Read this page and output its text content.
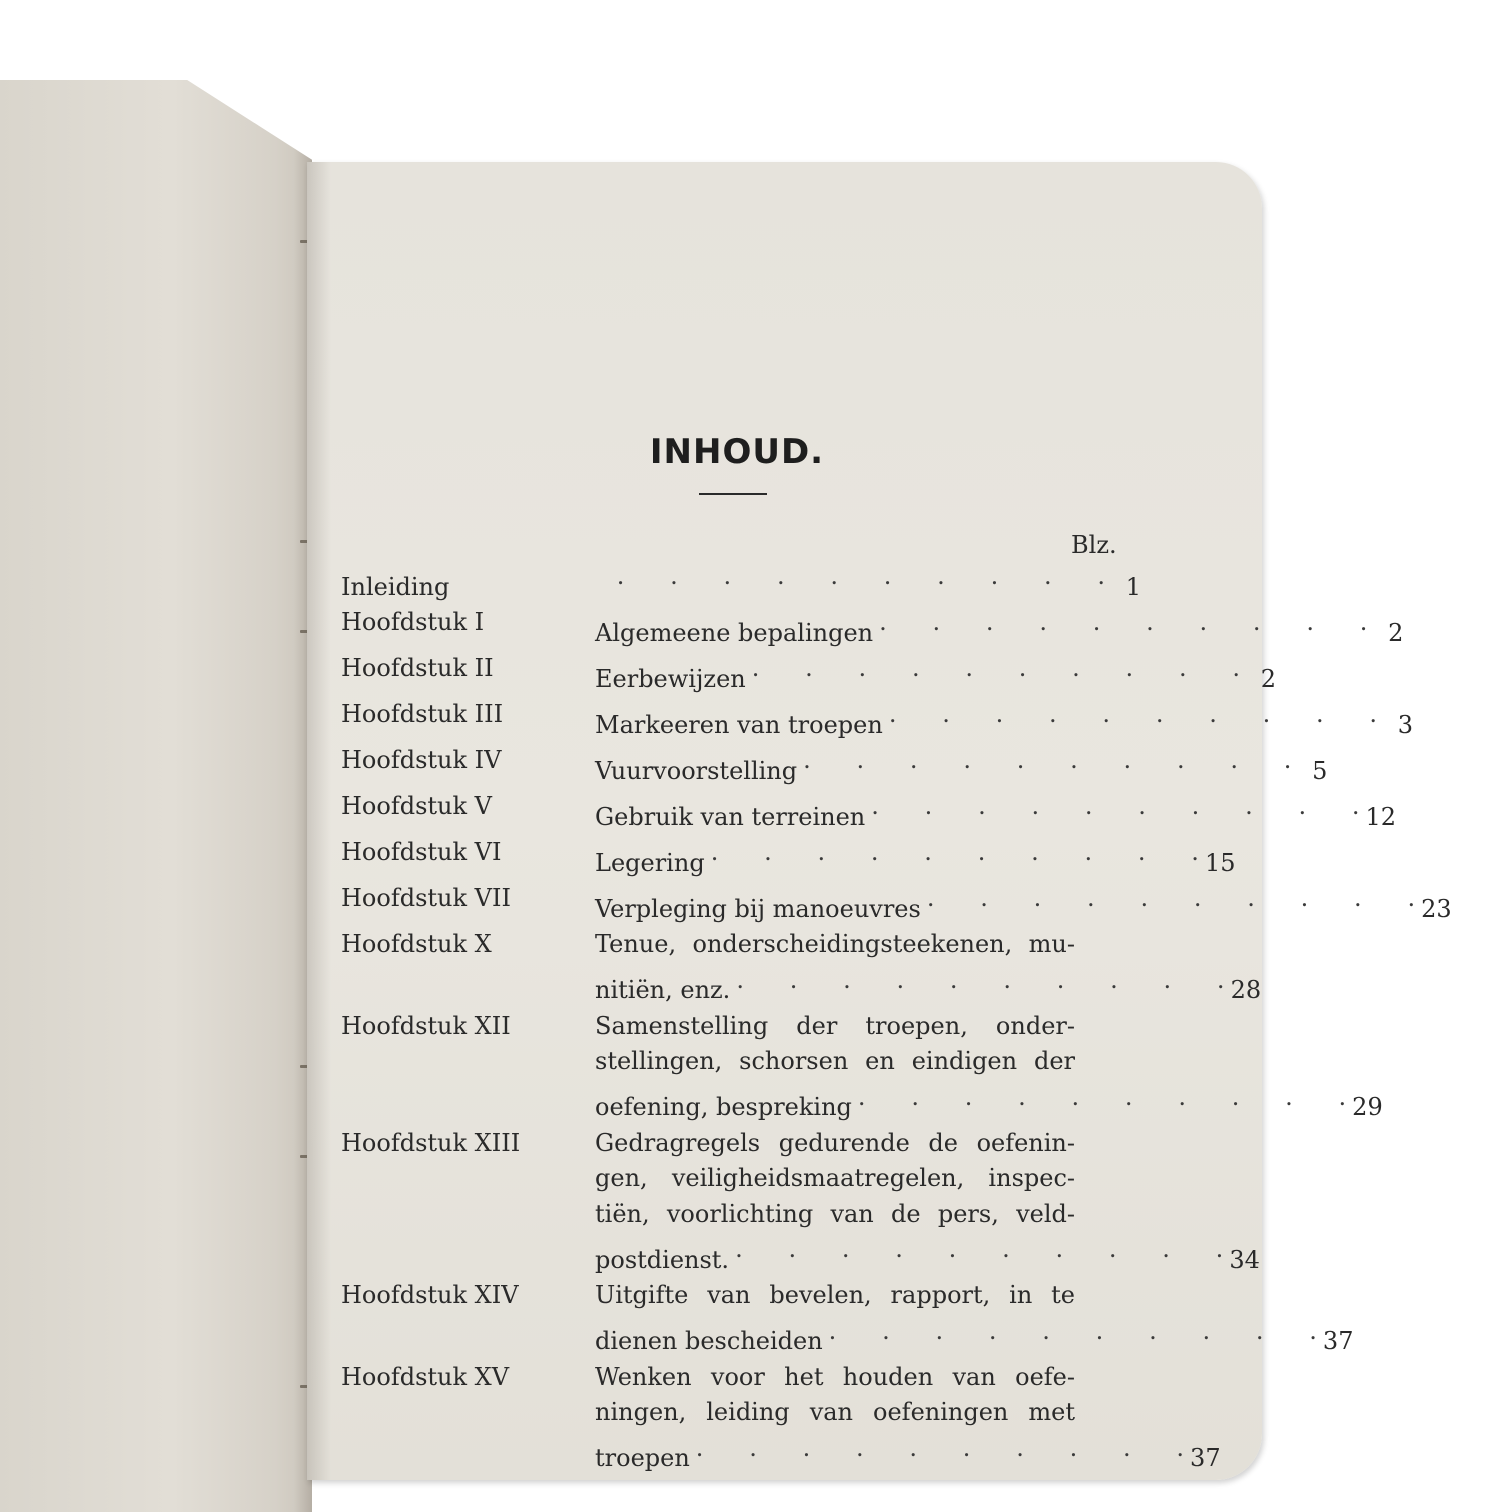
INHOUD.
Blz.
Inleiding .	1
Hoofdstuk I	Algemeene bepalingen .	2
Hoofdstuk II	Eerbewijzen .	2
Hoofdstuk III	Markeeren van troepen .	3
Hoofdstuk IV	Vuurvoorstelling .	5
Hoofdstuk V	Gebruik van terreinen .	12
Hoofdstuk VI	Legering .	15
Hoofdstuk VII	Verpleging bij manoeuvres .	23
Hoofdstuk X	Tenue, onderscheidingsteekenen, mu-
nitiën, enz. .	28
Hoofdstuk XII	Samenstelling der troepen, onder-
stellingen, schorsen en eindigen der
oefening, bespreking .	29
Hoofdstuk XIII	Gedragregels gedurende de oefenin-
gen, veiligheidsmaatregelen, inspec-
tiën, voorlichting van de pers, veld-
postdienst. .	34
Hoofdstuk XIV	Uitgifte van bevelen, rapport, in te
dienen bescheiden .	37
Hoofdstuk XV	Wenken voor het houden van oefe-
ningen, leiding van oefeningen met
troepen .	37
